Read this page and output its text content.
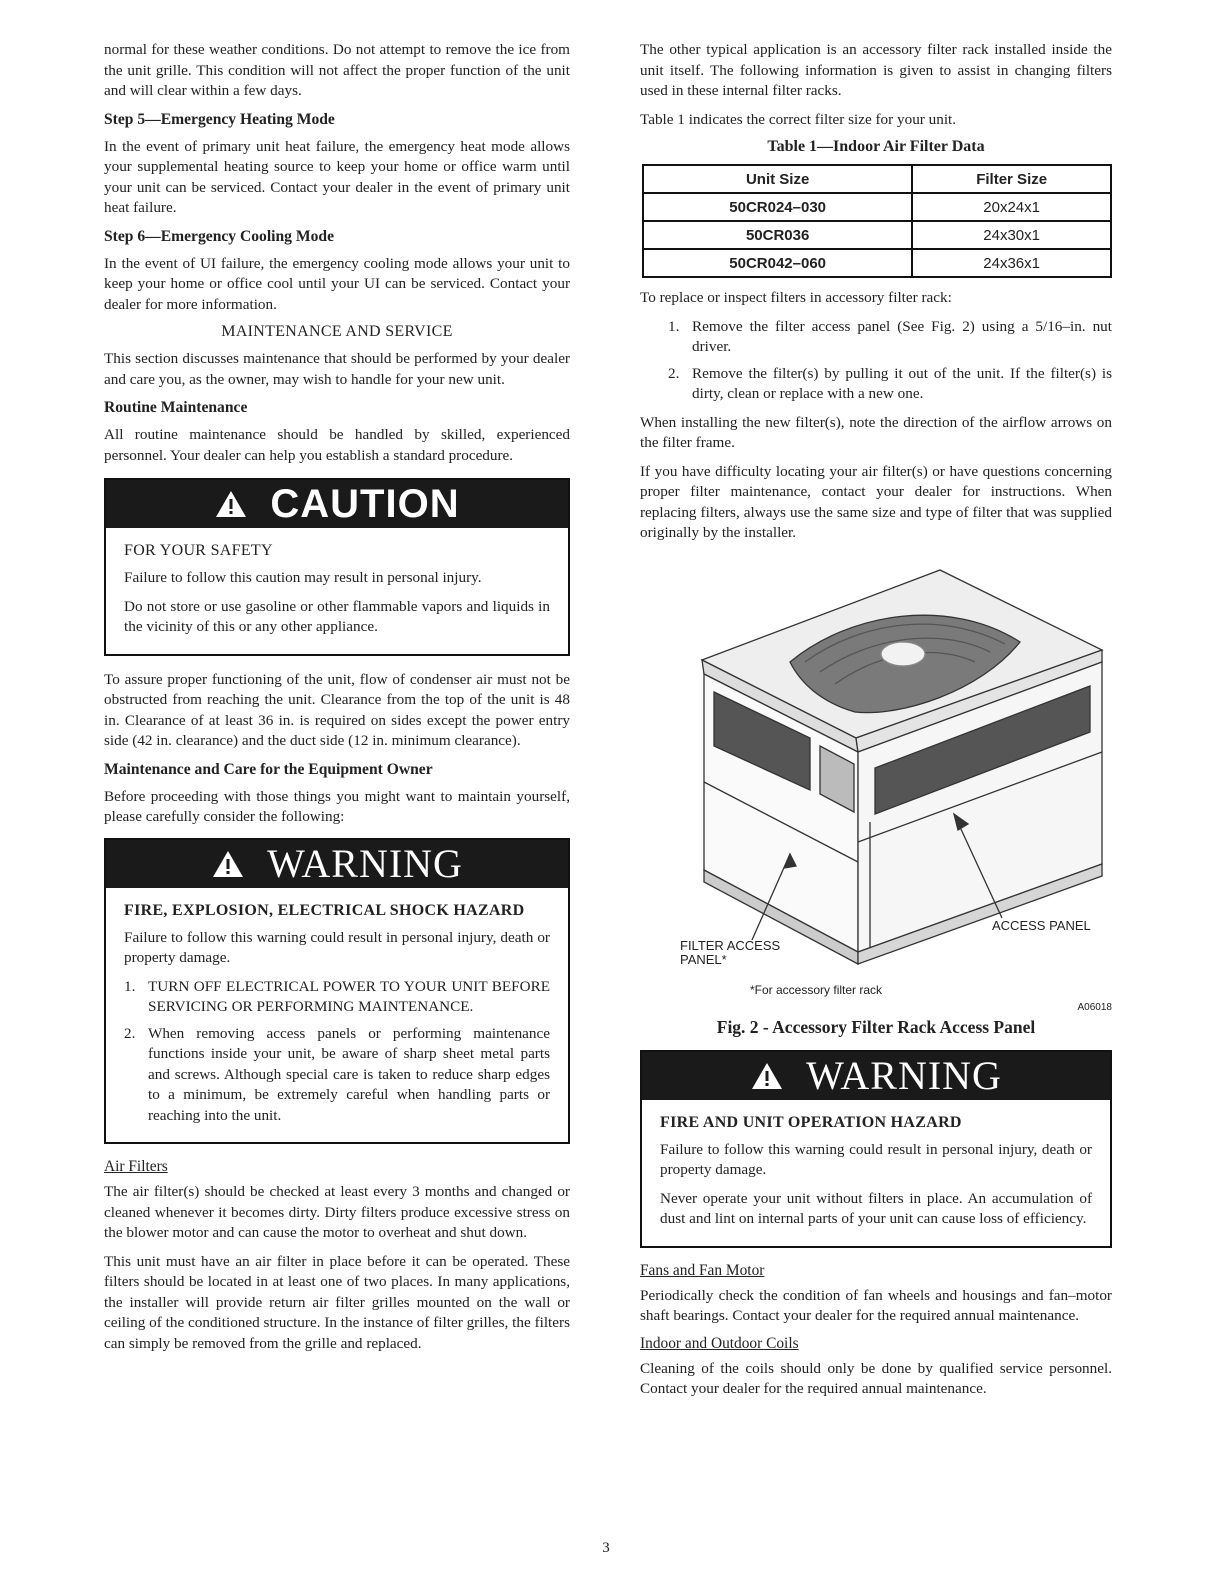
normal for these weather conditions. Do not attempt to remove the ice from the unit grille. This condition will not affect the proper function of the unit and will clear within a few days.

Step 5—Emergency Heating Mode

In the event of primary unit heat failure, the emergency heat mode allows your supplemental heating source to keep your home or office warm until your unit can be serviced. Contact your dealer in the event of primary unit heat failure.

Step 6—Emergency Cooling Mode

In the event of UI failure, the emergency cooling mode allows your unit to keep your home or office cool until your UI can be serviced. Contact your dealer for more information.

MAINTENANCE AND SERVICE

This section discusses maintenance that should be performed by your dealer and care you, as the owner, may wish to handle for your new unit.

Routine Maintenance

All routine maintenance should be handled by skilled, experienced personnel. Your dealer can help you establish a standard procedure.

CAUTION
FOR YOUR SAFETY

Failure to follow this caution may result in personal injury.

Do not store or use gasoline or other flammable vapors and liquids in the vicinity of this or any other appliance.

To assure proper functioning of the unit, flow of condenser air must not be obstructed from reaching the unit. Clearance from the top of the unit is 48 in. Clearance of at least 36 in. is required on sides except the power entry side (42 in. clearance) and the duct side (12 in. minimum clearance).

Maintenance and Care for the Equipment Owner

Before proceeding with those things you might want to maintain yourself, please carefully consider the following:

WARNING
FIRE, EXPLOSION, ELECTRICAL SHOCK HAZARD

Failure to follow this warning could result in personal injury, death or property damage.

1. TURN OFF ELECTRICAL POWER TO YOUR UNIT BEFORE SERVICING OR PERFORMING MAINTENANCE.
2. When removing access panels or performing maintenance functions inside your unit, be aware of sharp sheet metal parts and screws. Although special care is taken to reduce sharp edges to a minimum, be extremely careful when handling parts or reaching into the unit.
Air Filters

The air filter(s) should be checked at least every 3 months and changed or cleaned whenever it becomes dirty. Dirty filters produce excessive stress on the blower motor and can cause the motor to overheat and shut down.

This unit must have an air filter in place before it can be operated. These filters should be located in at least one of two places. In many applications, the installer will provide return air filter grilles mounted on the wall or ceiling of the conditioned structure. In the instance of filter grilles, the filters can simply be removed from the grille and replaced.

The other typical application is an accessory filter rack installed inside the unit itself. The following information is given to assist in changing filters used in these internal filter racks.

Table 1 indicates the correct filter size for your unit.

Table 1—Indoor Air Filter Data
Unit Size	Filter Size
50CR024–030	20x24x1
50CR036	24x30x1
50CR042–060	24x36x1

To replace or inspect filters in accessory filter rack:

1. Remove the filter access panel (See Fig. 2) using a 5/16–in. nut driver.
2. Remove the filter(s) by pulling it out of the unit. If the filter(s) is dirty, clean or replace with a new one.

When installing the new filter(s), note the direction of the airflow arrows on the filter frame.

If you have difficulty locating your air filter(s) or have questions concerning proper filter maintenance, contact your dealer for instructions. When replacing filters, always use the same size and type of filter that was supplied originally by the installer.

FILTER ACCESS
PANEL*
ACCESS PANEL
*For accessory filter rack
A06018
Fig. 2 - Accessory Filter Rack Access Panel
WARNING
FIRE AND UNIT OPERATION HAZARD

Failure to follow this warning could result in personal injury, death or property damage.

Never operate your unit without filters in place. An accumulation of dust and lint on internal parts of your unit can cause loss of efficiency.

Fans and Fan Motor

Periodically check the condition of fan wheels and housings and fan–motor shaft bearings. Contact your dealer for the required annual maintenance.

Indoor and Outdoor Coils

Cleaning of the coils should only be done by qualified service personnel. Contact your dealer for the required annual maintenance.

3
